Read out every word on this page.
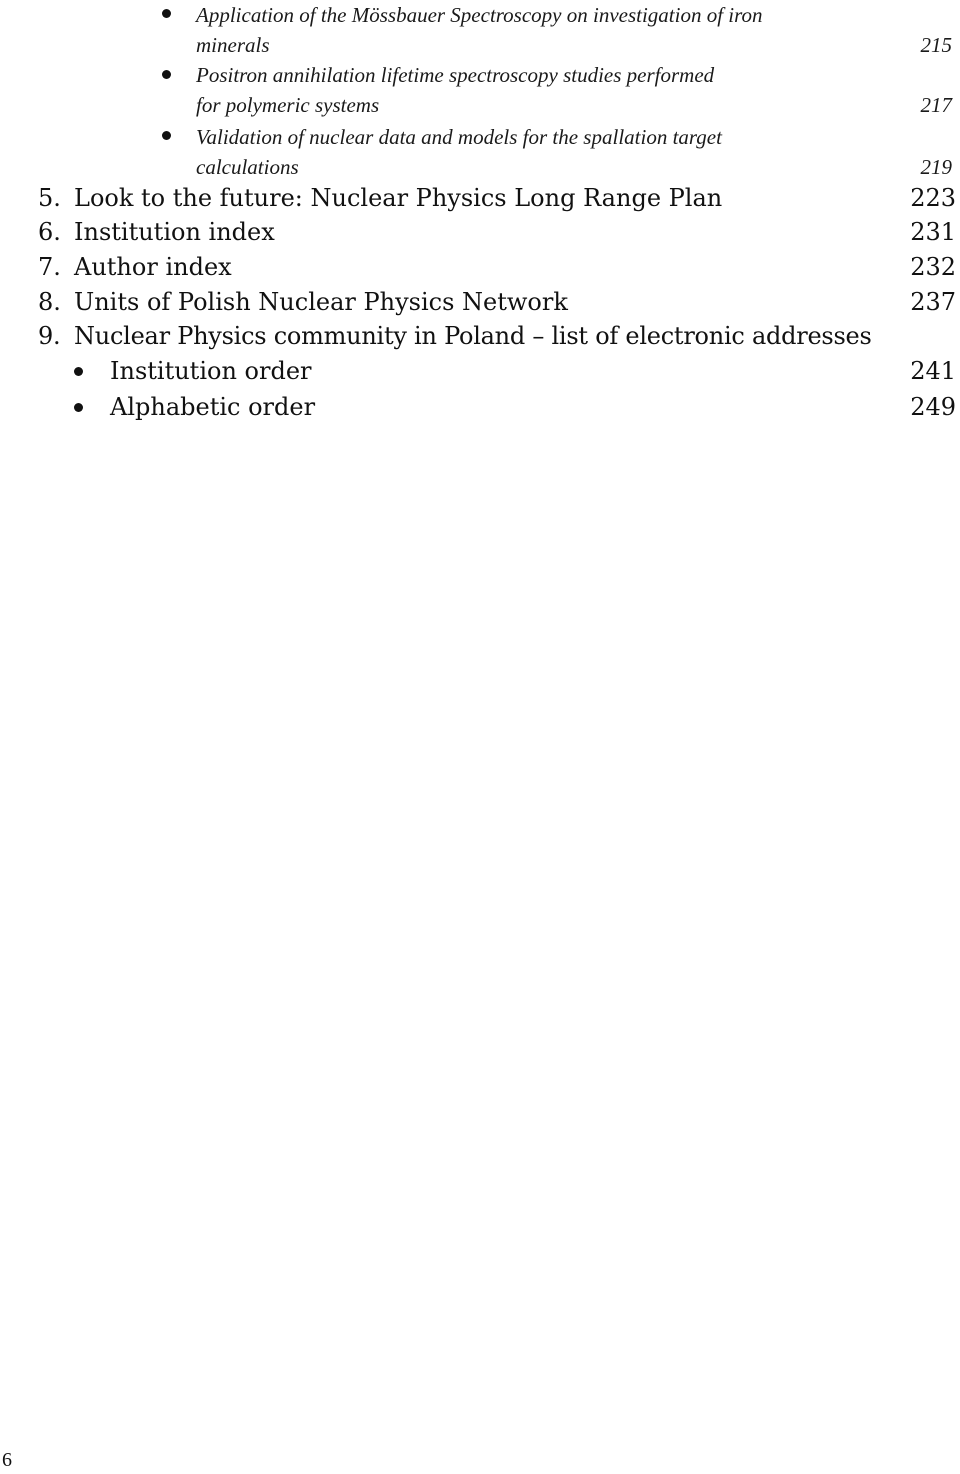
Application of the Mössbauer Spectroscopy on investigation of iron
minerals	215
Positron annihilation lifetime spectroscopy studies performed
for polymeric systems	217
Validation of nuclear data and models for the spallation target
calculations	219
5. Look to the future: Nuclear Physics Long Range Plan	223
6. Institution index	231
7. Author index	232
8. Units of Polish Nuclear Physics Network	237
9. Nuclear Physics community in Poland – list of electronic addresses
Institution order	241
Alphabetic order	249
6
